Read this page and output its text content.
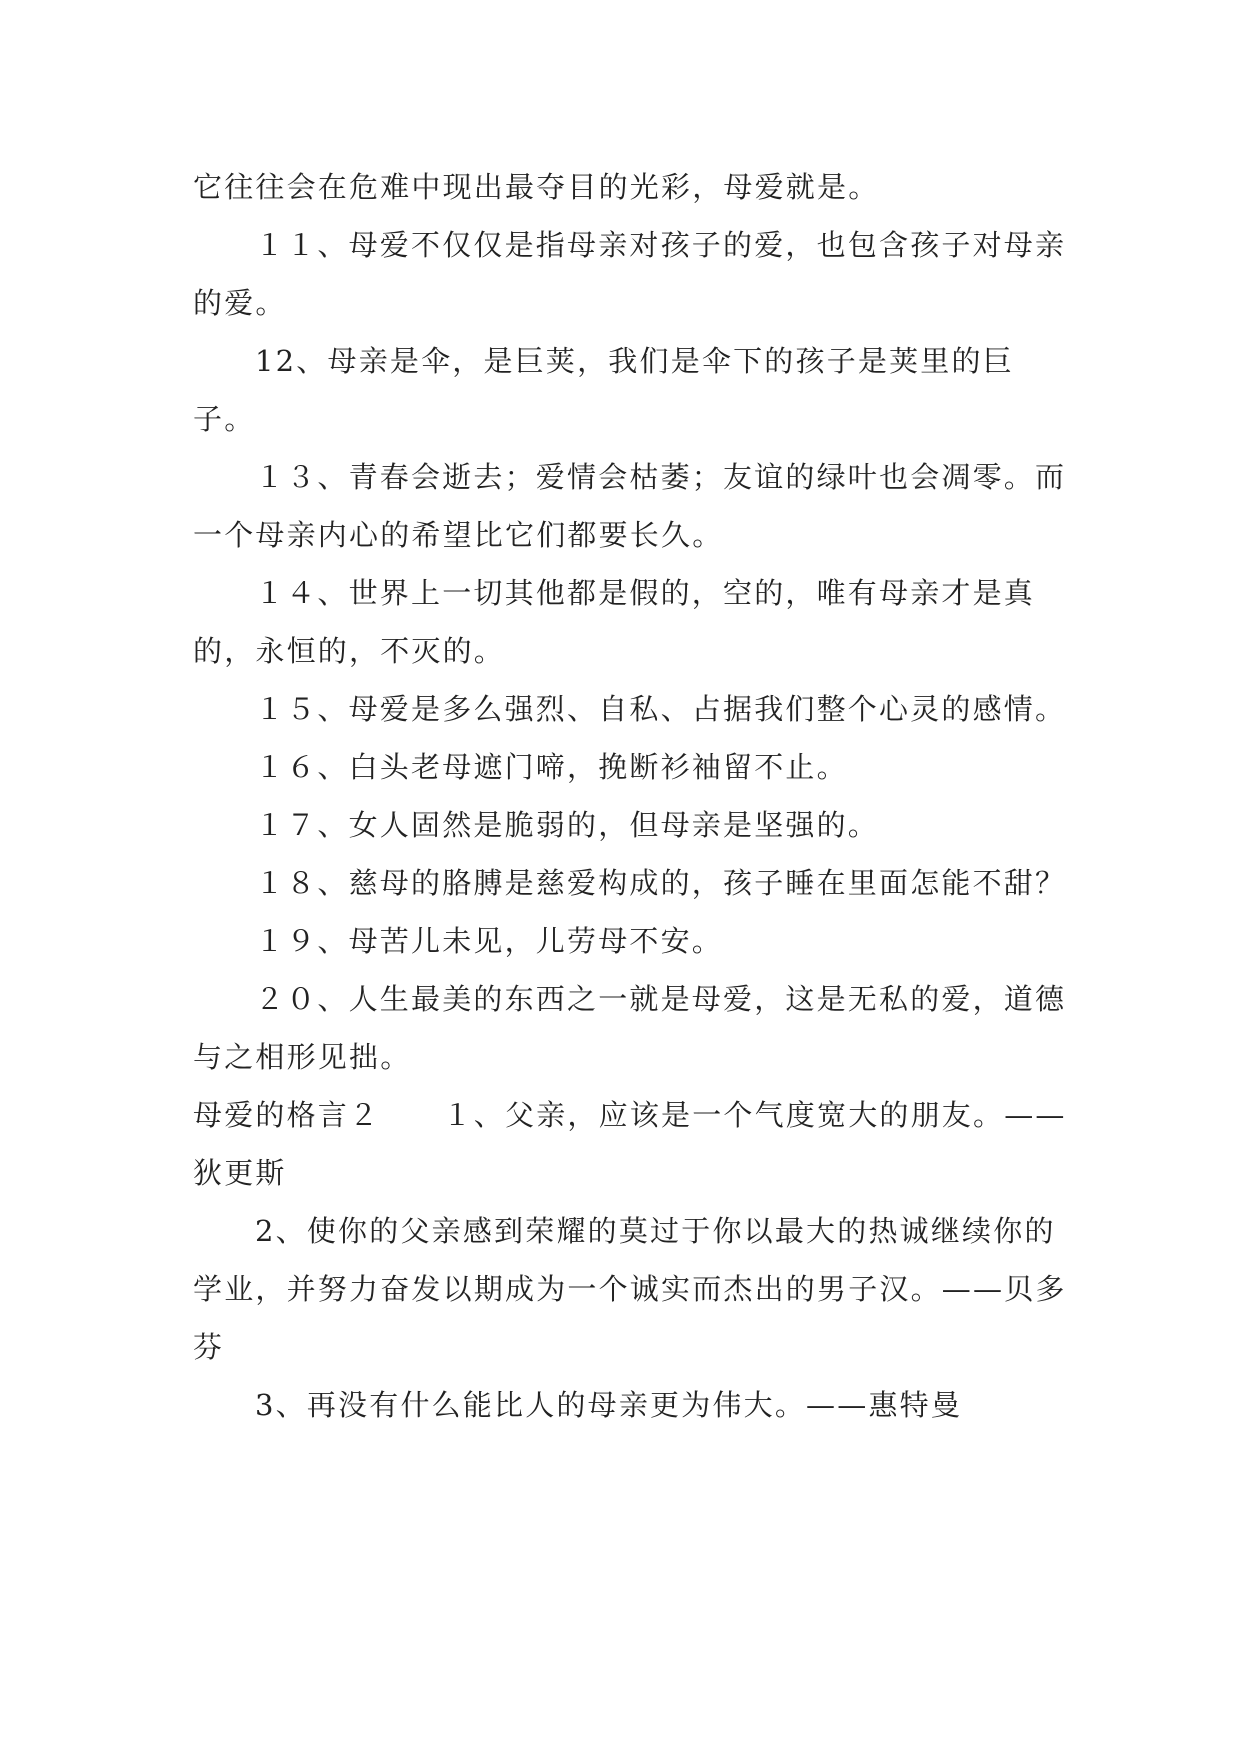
它往往会在危难中现出最夺目的光彩，母爱就是。

１１、母爱不仅仅是指母亲对孩子的爱，也包含孩子对母亲的爱。

12、母亲是伞，是巨荚，我们是伞下的孩子是荚里的巨子。

１３、青春会逝去；爱情会枯萎；友谊的绿叶也会凋零。而一个母亲内心的希望比它们都要长久。

１４、世界上一切其他都是假的，空的，唯有母亲才是真的，永恒的，不灭的。

１５、母爱是多么强烈、自私、占据我们整个心灵的感情。

１６、白头老母遮门啼，挽断衫袖留不止。

１７、女人固然是脆弱的，但母亲是坚强的。

１８、慈母的胳膊是慈爱构成的，孩子睡在里面怎能不甜？

１９、母苦儿未见，儿劳母不安。

２０、人生最美的东西之一就是母爱，这是无私的爱，道德与之相形见拙。

母爱的格言２　　１、父亲，应该是一个气度宽大的朋友。——狄更斯

2、使你的父亲感到荣耀的莫过于你以最大的热诚继续你的学业，并努力奋发以期成为一个诚实而杰出的男子汉。——贝多芬

3、再没有什么能比人的母亲更为伟大。——惠特曼
